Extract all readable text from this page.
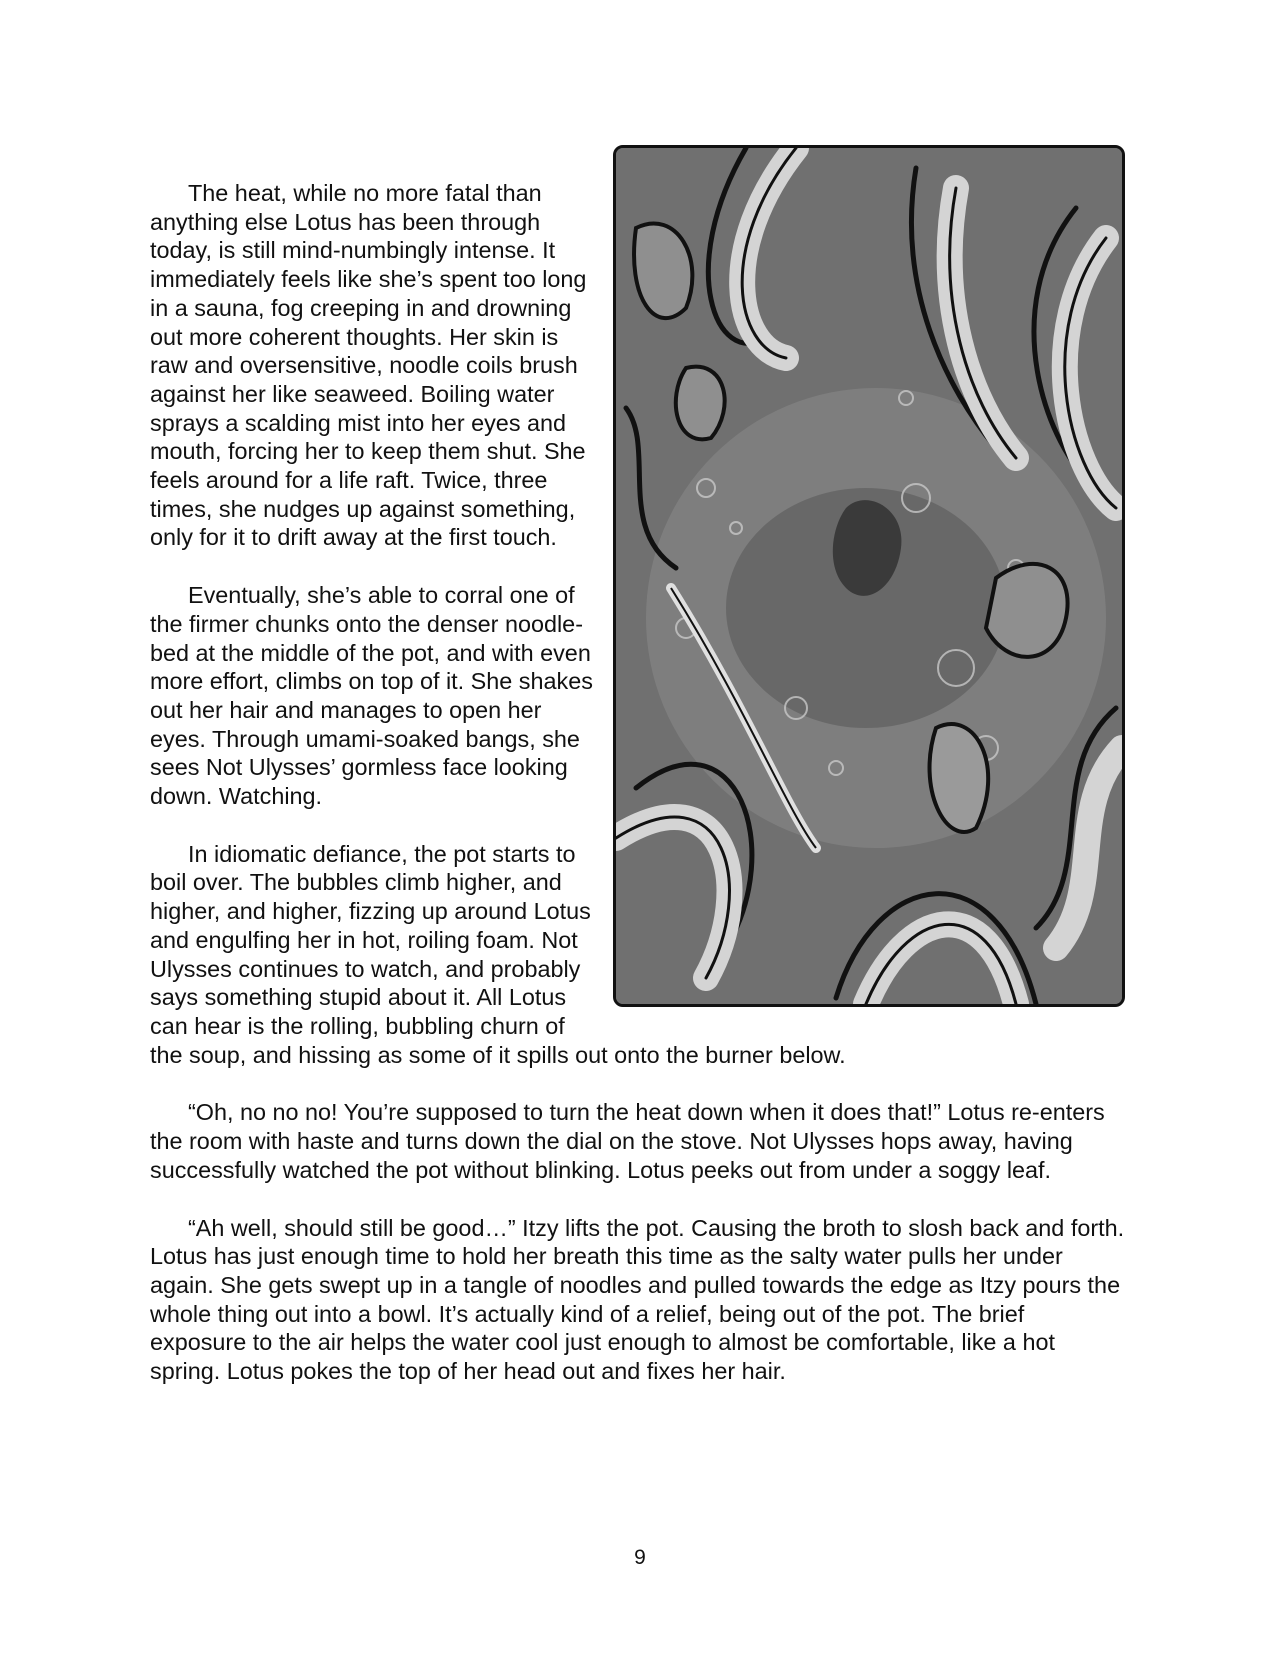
The heat, while no more fatal than anything else Lotus has been through today, is still mind-numbingly intense. It immediately feels like she’s spent too long in a sauna, fog creeping in and drowning out more coherent thoughts. Her skin is raw and oversensitive, noodle coils brush against her like seaweed. Boiling water sprays a scalding mist into her eyes and mouth, forcing her to keep them shut. She feels around for a life raft. Twice, three times, she nudges up against something, only for it to drift away at the first touch.

Eventually, she’s able to corral one of the firmer chunks onto the denser noodle-bed at the middle of the pot, and with even more effort, climbs on top of it. She shakes out her hair and manages to open her eyes. Through umami-soaked bangs, she sees Not Ulysses’ gormless face looking down. Watching.

In idiomatic defiance, the pot starts to boil over. The bubbles climb higher, and higher, and higher, fizzing up around Lotus and engulfing her in hot, roiling foam. Not Ulysses continues to watch, and probably says something stupid about it. All Lotus can hear is the rolling, bubbling churn of the soup, and hissing as some of it spills out onto the burner below.

“Oh, no no no! You’re supposed to turn the heat down when it does that!” Lotus re-enters the room with haste and turns down the dial on the stove. Not Ulysses hops away, having successfully watched the pot without blinking. Lotus peeks out from under a soggy leaf.

“Ah well, should still be good…” Itzy lifts the pot. Causing the broth to slosh back and forth. Lotus has just enough time to hold her breath this time as the salty water pulls her under again. She gets swept up in a tangle of noodles and pulled towards the edge as Itzy pours the whole thing out into a bowl. It’s actually kind of a relief, being out of the pot. The brief exposure to the air helps the water cool just enough to almost be comfortable, like a hot spring. Lotus pokes the top of her head out and fixes her hair.

9
